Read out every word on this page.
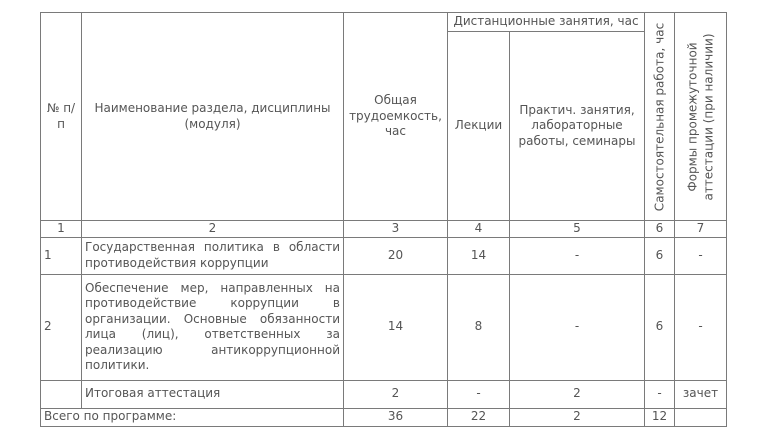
№ п/п	Наименование раздела, дисциплины (модуля)	Общая трудоемкость, час	Дистанционные занятия, час		Самостоятельная работа, час	Формы промежуточной аттестации (при наличии)

			Лекции	Практич. занятия, лабораторные работы, семинары		
1	2	3	4	5	6	7
1	Государственная политика в области противодействия коррупции	20	14	-	6	-
2	Обеспечение мер, направленных на противодействие коррупции в организации. Основные обязанности лица (лиц), ответственных за реализацию антикоррупционной политики.	14	8	-	6	-
	Итоговая аттестация	2	-	2	-	зачет
Всего по программе:		36	22	2	12	
